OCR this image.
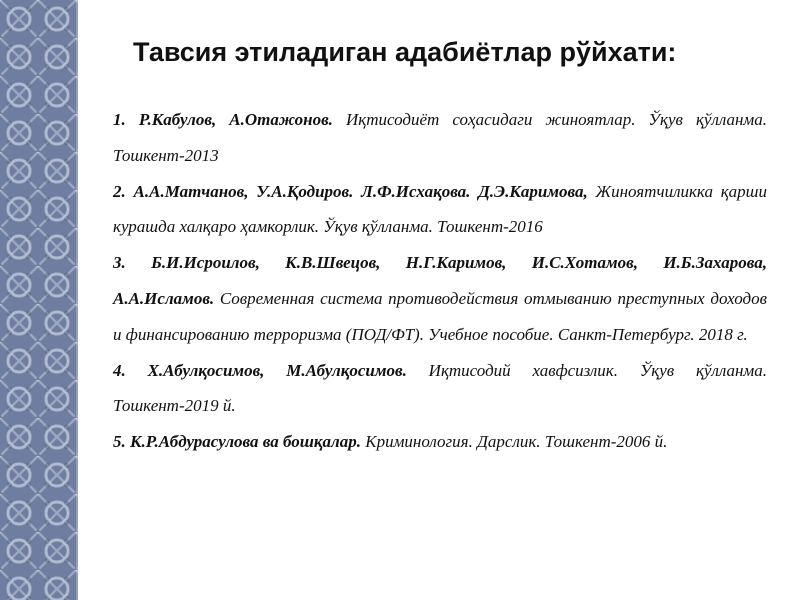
Тавсия этиладиган адабиётлар рўйхати:
1. Р.Кабулов, А.Отажонов. Иқтисодиёт соҳасидаги жиноятлар. Ўқув қўлланма. Тошкент-2013
2. А.А.Матчанов, У.А.Қодиров. Л.Ф.Исхақова. Д.Э.Каримова, Жиноятчиликка қарши курашда халқаро ҳамкорлик. Ўқув қўлланма. Тошкент-2016
3. Б.И.Исроилов, К.В.Швецов, Н.Г.Каримов, И.С.Хотамов, И.Б.Захарова, А.А.Исламов. Современная система противодействия отмыванию преступных доходов и финансированию терроризма (ПОД/ФТ). Учебное пособие. Санкт-Петербург. 2018 г.
4. Х.Абулқосимов, М.Абулқосимов. Иқтисодий хавфсизлик. Ўқув қўлланма. Тошкент-2019 й.
5. К.Р.Абдурасулова ва бошқалар. Криминология. Дарслик. Тошкент-2006 й.
